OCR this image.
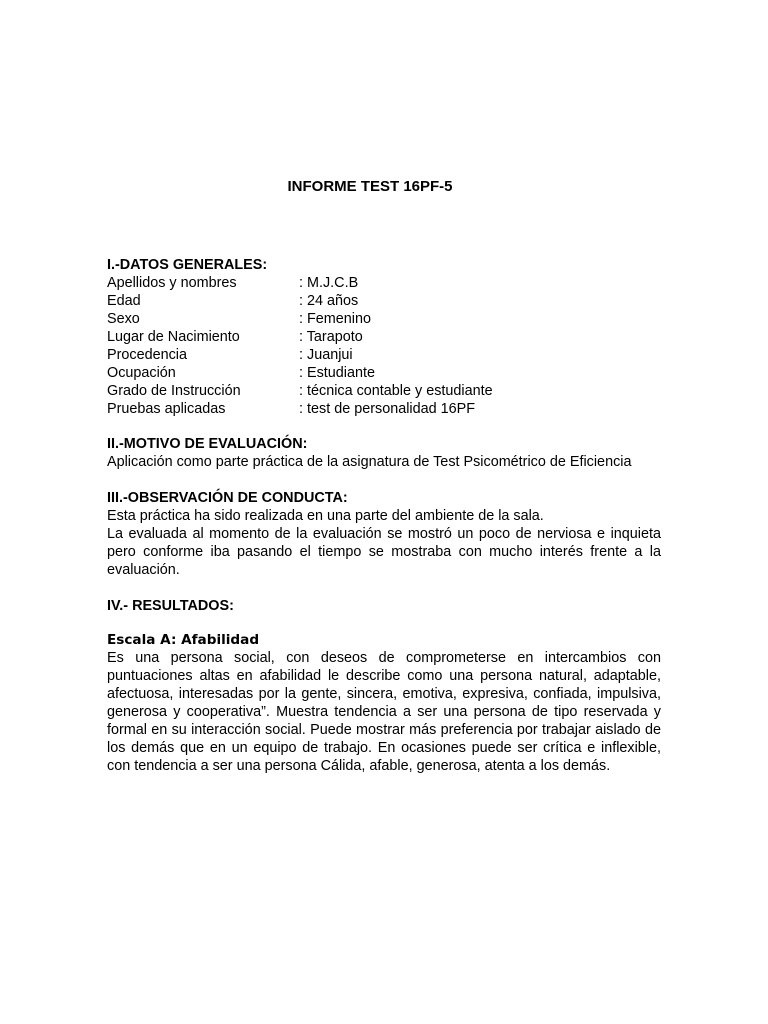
INFORME TEST 16PF-5
I.-DATOS GENERALES:
Apellidos y nombres	: M.J.C.B
Edad	: 24 años
Sexo	: Femenino
Lugar de Nacimiento	: Tarapoto
Procedencia	: Juanjui
Ocupación	: Estudiante
Grado de Instrucción	: técnica contable y estudiante
Pruebas aplicadas	: test de personalidad 16PF
II.-MOTIVO DE EVALUACIÓN:

Aplicación como parte práctica de la asignatura de Test Psicométrico de Eficiencia

III.-OBSERVACIÓN DE CONDUCTA:

Esta práctica ha sido realizada en una parte del ambiente de la sala.

La evaluada al momento de la evaluación se mostró un poco de nerviosa e inquieta pero conforme iba pasando el tiempo se mostraba con mucho interés frente a la evaluación.

IV.- RESULTADOS:
Escala A: Afabilidad

Es una persona social, con deseos de comprometerse en intercambios con puntuaciones altas en afabilidad le describe como una persona natural, adaptable, afectuosa, interesadas por la gente, sincera, emotiva, expresiva, confiada, impulsiva, generosa y cooperativa”. Muestra tendencia a ser una persona de tipo reservada y formal en su interacción social. Puede mostrar más preferencia por trabajar aislado de los demás que en un equipo de trabajo. En ocasiones puede ser crítica e inflexible, con tendencia a ser una persona Cálida, afable, generosa, atenta a los demás.
